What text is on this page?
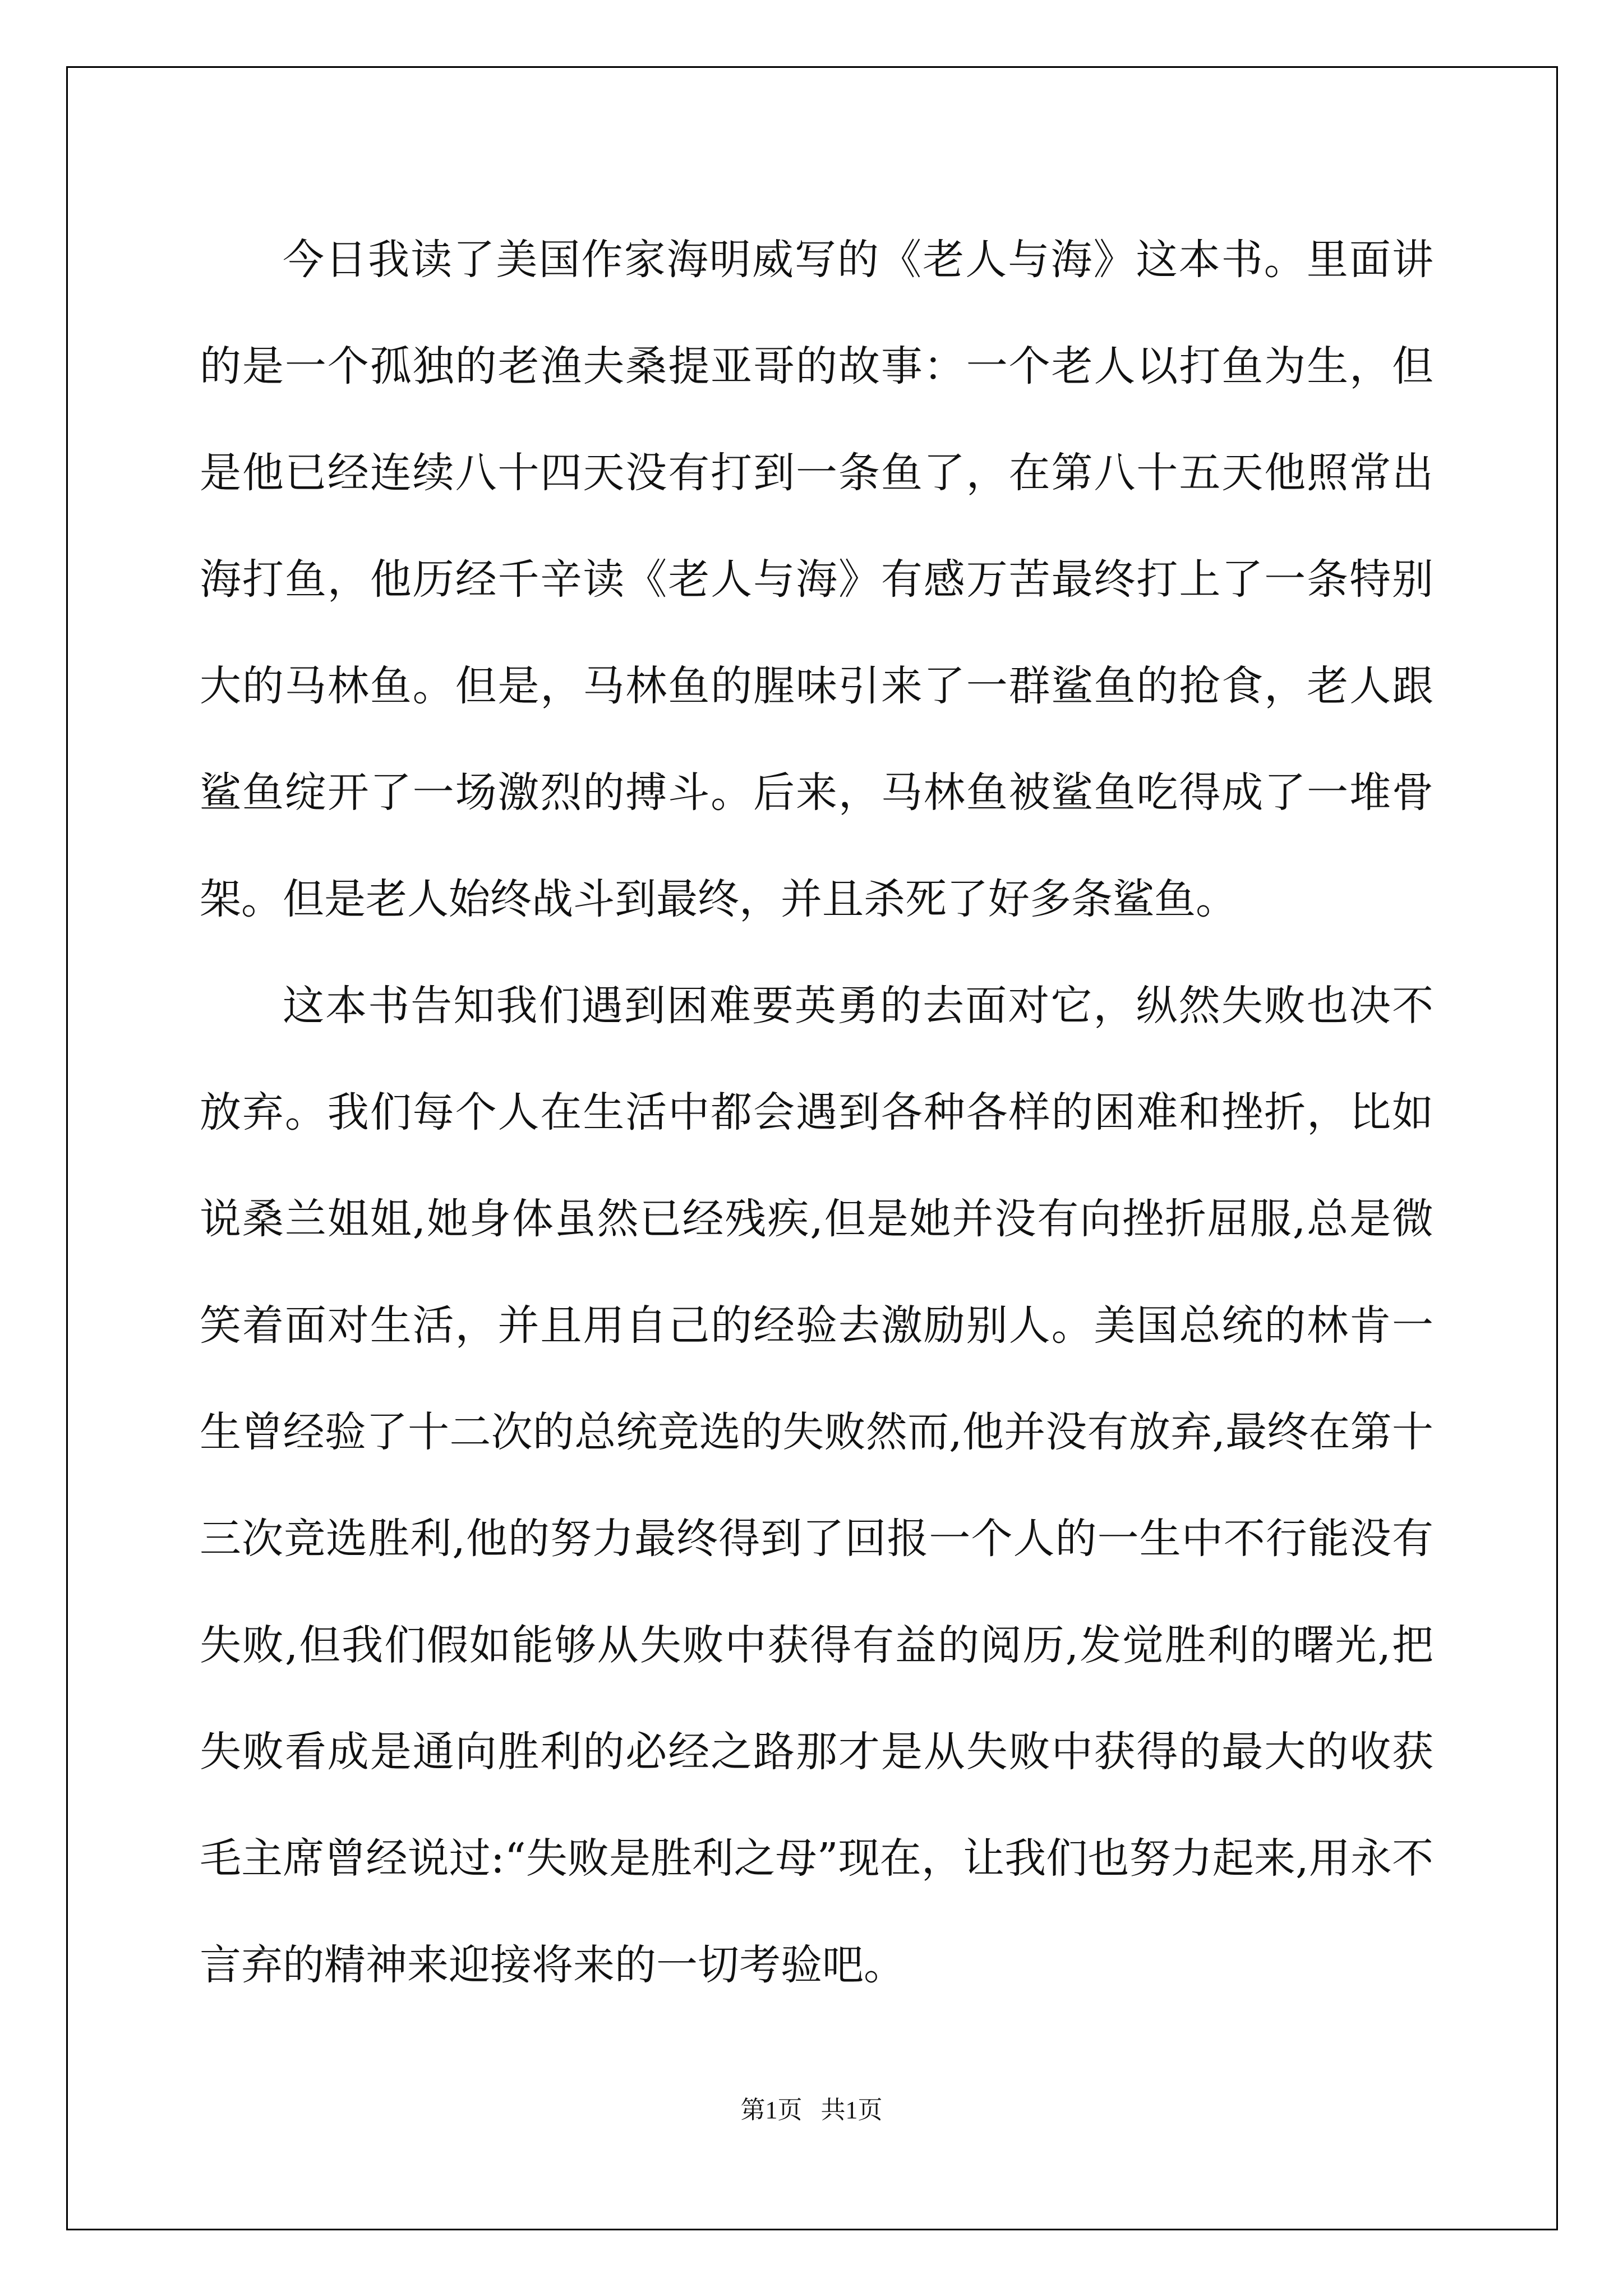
今日我读了美国作家海明威写的《老人与海》这本书。里面讲的是一个孤独的老渔夫桑提亚哥的故事：一个老人以打鱼为生，但是他已经连续八十四天没有打到一条鱼了，在第八十五天他照常出海打鱼，他历经千辛读《老人与海》有感万苦最终打上了一条特别大的马林鱼。但是，马林鱼的腥味引来了一群鲨鱼的抢食，老人跟鲨鱼绽开了一场激烈的搏斗。后来，马林鱼被鲨鱼吃得成了一堆骨架。但是老人始终战斗到最终，并且杀死了好多条鲨鱼。

这本书告知我们遇到困难要英勇的去面对它，纵然失败也决不放弃。我们每个人在生活中都会遇到各种各样的困难和挫折，比如说桑兰姐姐,她身体虽然已经残疾,但是她并没有向挫折屈服,总是微笑着面对生活，并且用自己的经验去激励别人。美国总统的林肯一生曾经验了十二次的总统竞选的失败然而,他并没有放弃,最终在第十三次竞选胜利,他的努力最终得到了回报一个人的一生中不行能没有失败,但我们假如能够从失败中获得有益的阅历,发觉胜利的曙光,把失败看成是通向胜利的必经之路那才是从失败中获得的最大的收获毛主席曾经说过:“失败是胜利之母”现在，让我们也努力起来,用永不言弃的精神来迎接将来的一切考验吧。

第1页   共1页
